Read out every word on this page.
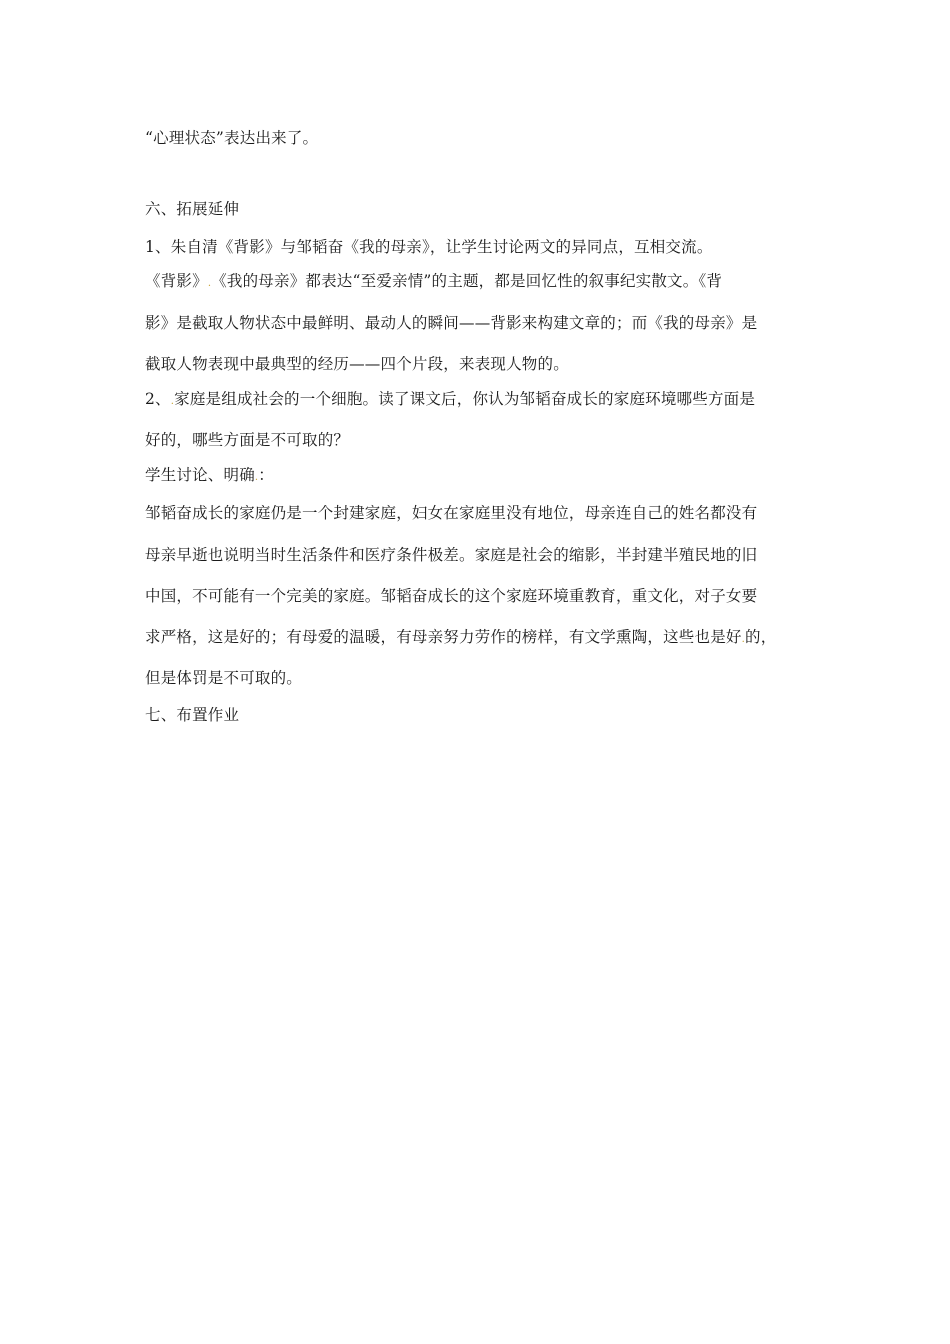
“心理状态”表达出来了。
六、拓展延伸
1、朱自清《背影》与邹韬奋《我的母亲》，让学生讨论两文的异同点，互相交流。
《背影》.《我的母亲》都表达“至爱亲情”的主题，都是回忆性的叙事纪实散文。《背
影》是截取人物状态中最鲜明、最动人的瞬间——背影来构建文章的；而《我的母亲》是
截取人物表现中最典型的经历——四个片段，来表现人物的。
2、.家庭是组成社会的一个细胞。读了课文后，你认为邹韬奋成长的家庭环境哪些方面是
好的，哪些方面是不可取的？
学生讨论、明确.：
邹韬奋成长的家庭仍是一个封建家庭，妇女在家庭里没有地位，母亲连自己的姓名都没有
母亲早逝也说明当时生活条件和医疗条件极差。家庭是社会的缩影，半封建半殖民地的旧
中国，不可能有一个完美的家庭。邹韬奋成长的这个家庭环境重教育，重文化，对子女要
求严格，这是好的；有母爱的温暖，有母亲努力劳作的榜样，有文学熏陶，这些也是好.的，
但是体罚是不可取的。
七、布置作业
